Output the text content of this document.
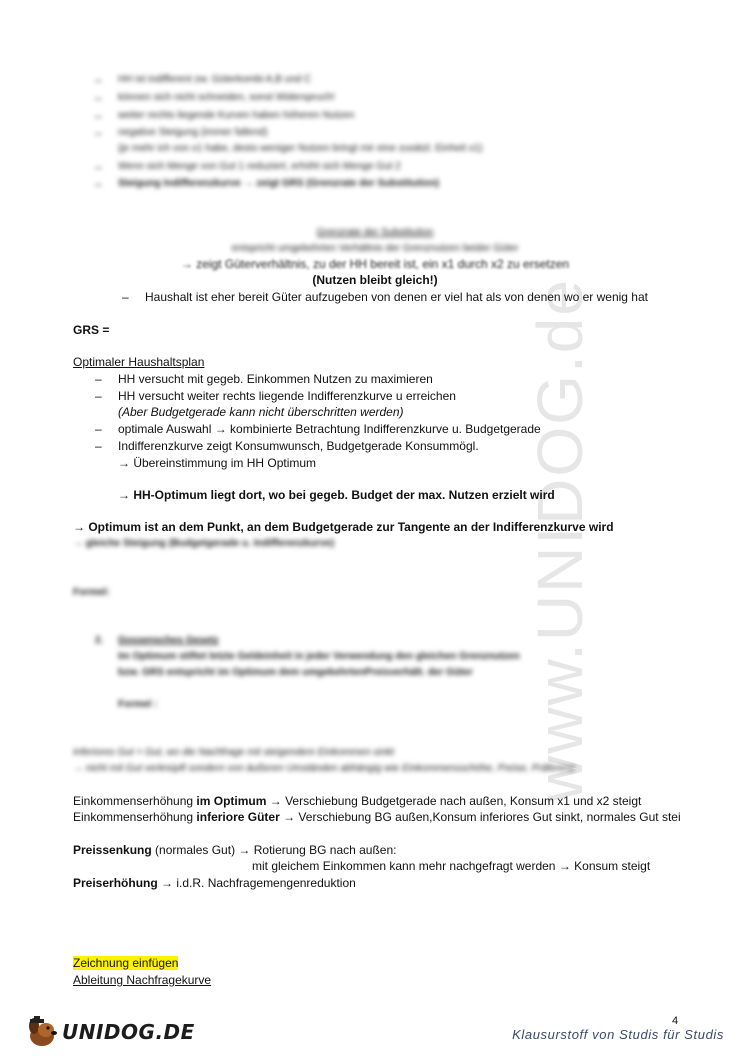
www.UNIDOG.de
–	HH ist indifferent zw. Güterkombi A,B und C
–	können sich nicht schneiden, sonst Widerspruch!
–	weiter rechts liegende Kurven haben höheren Nutzen
–	negative Steigung (immer fallend)
(je mehr ich von x1 habe, desto weniger Nutzen bringt mir eine zusätzl. Einheit x1)
–	Wenn sich Menge von Gut 1 reduziert, erhöht sich Menge Gut 2
–	Steigung Indifferenzkurve → zeigt GRS (Grenzrate der Substitution)
Grenzrate der Substitution
entspricht umgekehrten Verhältnis der Grenznutzen beider Güter
→ zeigt Güterverhältnis, zu der HH bereit ist, ein x1 durch x2 zu ersetzen
(Nutzen bleibt gleich!)
– Haushalt ist eher bereit Güter aufzugeben von denen er viel hat als von denen wo er wenig hat
GRS =
Optimaler Haushaltsplan
– HH versucht mit gegeb. Einkommen Nutzen zu maximieren
– HH versucht weiter rechts liegende Indifferenzkurve u erreichen
(Aber Budgetgerade kann nicht überschritten werden)
– optimale Auswahl → kombinierte Betrachtung Indifferenzkurve u. Budgetgerade
– Indifferenzkurve zeigt Konsumwunsch, Budgetgerade Konsummögl.
→ Übereinstimmung im HH Optimum
→ HH-Optimum liegt dort, wo bei gegeb. Budget der max. Nutzen erzielt wird
→ Optimum ist an dem Punkt, an dem Budgetgerade zur Tangente an der Indifferenzkurve wird
→ gleiche Steigung (Budgetgerade u. Indifferenzkurve)
Formel:
2. Gossensches Gesetz
Im Optimum stiftet letzte Geldeinheit in jeder Verwendung den gleichen Grenznutzen
bzw. GRS entspricht im Optimum dem umgekehrtenPreisverhält. der Güter
Formel :
Inferiores Gut = Gut, wo die Nachfrage mit steigendem Einkommen sinkt
→ nicht mit Gut verknüpft sondern von äußeren Umständen abhängig wie Einkommensschöhe, Preise, Präferenz
Einkommenserhöhung im Optimum → Verschiebung Budgetgerade nach außen, Konsum x1 und x2 steigt
Einkommenserhöhung inferiore Güter → Verschiebung BG außen,Konsum inferiores Gut sinkt, normales Gut stei
Preissenkung (normales Gut) → Rotierung BG nach außen:
mit gleichem Einkommen kann mehr nachgefragt werden → Konsum steigt
Preiserhöhung → i.d.R. Nachfragemengenreduktion
Zeichnung einfügen
Ableitung Nachfragekurve
4
UNIDOG.DE	Klausurstoff von Studis für Studis
